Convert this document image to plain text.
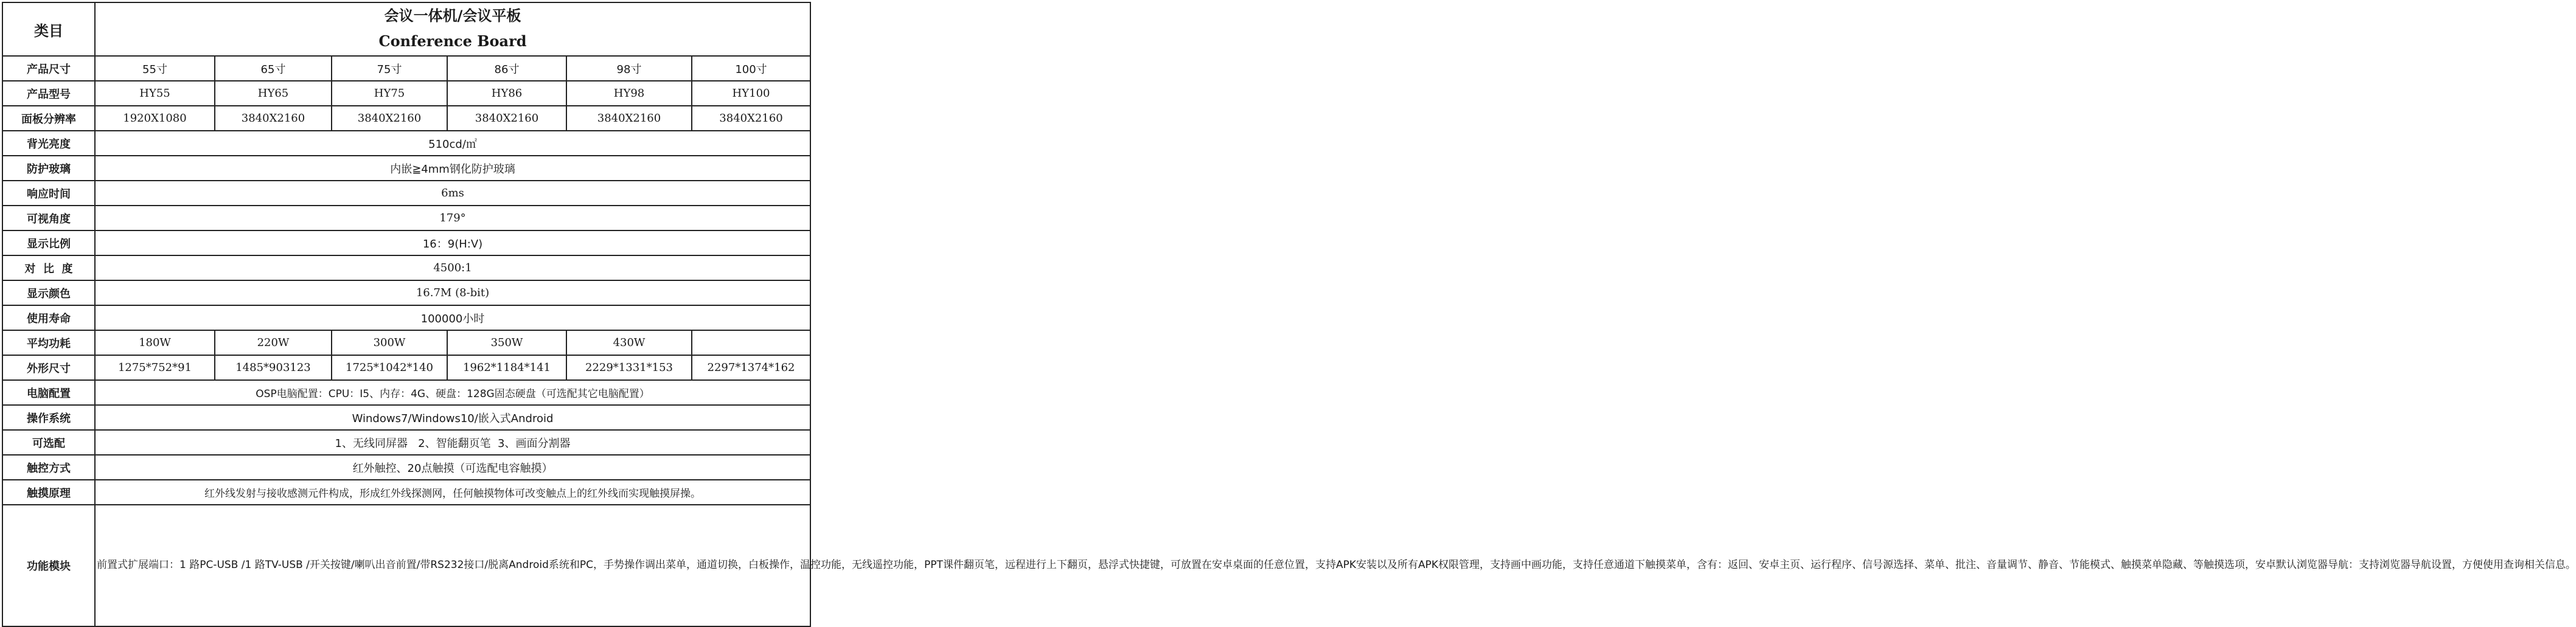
类目	会议一体机/会议平板
Conference Board					

产品尺寸	55寸	65寸	75寸	86寸	98寸	100寸
产品型号	HY55	HY65	HY75	HY86	HY98	HY100
面板分辨率	1920X1080	3840X2160	3840X2160	3840X2160	3840X2160	3840X2160
背光亮度	510cd/㎡					
防护玻璃	内嵌≧4mm钢化防护玻璃					
响应时间	6ms					
可视角度	179°					
显示比例	16：9(H:V)					
对  比  度	4500:1					
显示颜色	16.7M (8-bit)					
使用寿命	100000小时					
平均功耗	180W	220W	300W	350W	430W	
外形尺寸	1275*752*91	1485*903123	1725*1042*140	1962*1184*141	2229*1331*153	2297*1374*162
电脑配置	OSP电脑配置：CPU：I5、内存：4G、硬盘：128G固态硬盘（可选配其它电脑配置）					
操作系统	Windows7/Windows10/嵌入式Android					
可选配	1、无线同屏器   2、智能翻页笔  3、画面分割器					
触控方式	红外触控、20点触摸（可选配电容触摸）					
触摸原理	红外线发射与接收感测元件构成，形成红外线探测网，任何触摸物体可改变触点上的红外线而实现触摸屏操。					
功能模块	前置式扩展端口：1 路PC-USB /1 路TV-USB /开关按键/喇叭出音前置/带RS232接口/脱离Android系统和PC，手势操作调出菜单，通道切换，白板操作，温控功能，无线遥控功能，PPT课件翻页笔，远程进行上下翻页，悬浮式快捷键，可放置在安卓桌面的任意位置，支持APK安装以及所有APK权限管理，支持画中画功能，支持任意通道下触摸菜单，含有：返回、安卓主页、运行程序、信号源选择、菜单、批注、音量调节、静音、节能模式、触摸菜单隐藏、等触摸选项，安卓默认浏览器导航：支持浏览器导航设置，方便使用查询相关信息。					
